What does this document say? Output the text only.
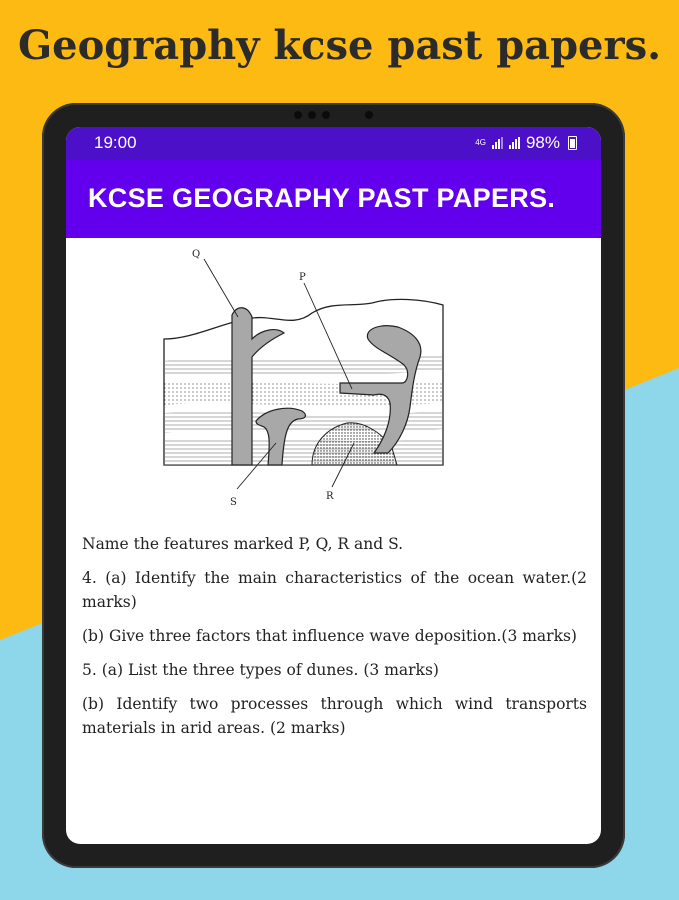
Geography kcse past papers.
19:00	4G 98%
KCSE GEOGRAPHY PAST PAPERS.
Q
P
S
R

Name the features marked P, Q, R and S.

4. (a) Identify the main characteristics of the ocean water.(2 marks)

(b) Give three factors that influence wave deposition.(3 marks)

5. (a) List the three types of dunes. (3 marks)

(b) Identify two processes through which wind transports materials in arid areas. (2 marks)
